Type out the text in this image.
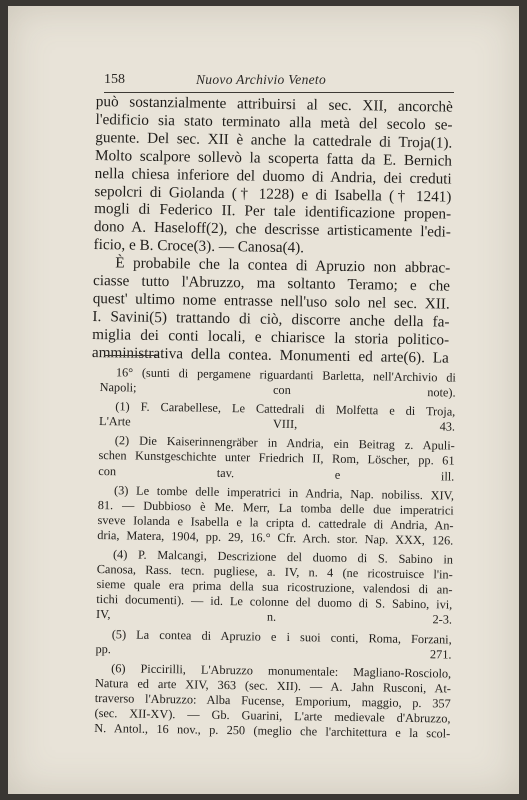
158	Nuovo Archivio Veneto
può sostanzialmente attribuirsi al sec. XII, ancorchè
l'edificio sia stato terminato alla metà del secolo se-
guente. Del sec. XII è anche la cattedrale di Troja(1).
Molto scalpore sollevò la scoperta fatta da E. Bernich
nella chiesa inferiore del duomo di Andria, dei creduti
sepolcri di Giolanda († 1228) e di Isabella († 1241)
mogli di Federico II. Per tale identificazione propen-
dono A. Haseloff(2), che descrisse artisticamente l'edi-
ficio, e B. Croce(3). — Canosa(4).
È probabile che la contea di Apruzio non abbrac-
ciasse tutto l'Abruzzo, ma soltanto Teramo; e che
quest' ultimo nome entrasse nell'uso solo nel sec. XII.
I. Savini(5) trattando di ciò, discorre anche della fa-
miglia dei conti locali, e chiarisce la storia politico-
amministrativa della contea. Monumenti ed arte(6). La
16° (sunti di pergamene riguardanti Barletta, nell'Archivio di
Napoli; con note).
(1) F. Carabellese, Le Cattedrali di Molfetta e di Troja,
L'Arte VIII, 43.
(2) Die Kaiserinnengräber in Andria, ein Beitrag z. Apuli-
schen Kunstgeschichte unter Friedrich II, Rom, Löscher, pp. 61
con tav. e ill.
(3) Le tombe delle imperatrici in Andria, Nap. nobiliss. XIV,
81. — Dubbioso è Me. Merr, La tomba delle due imperatrici
sveve Iolanda e Isabella e la cripta d. cattedrale di Andria, An-
dria, Matera, 1904, pp. 29, 16.° Cfr. Arch. stor. Nap. XXX, 126.
(4) P. Malcangi, Descrizione del duomo di S. Sabino in
Canosa, Rass. tecn. pugliese, a. IV, n. 4 (ne ricostruisce l'in-
sieme quale era prima della sua ricostruzione, valendosi di an-
tichi documenti). — id. Le colonne del duomo di S. Sabino, ivi,
IV, n. 2-3.
(5) La contea di Apruzio e i suoi conti, Roma, Forzani,
pp. 271.
(6) Piccirilli, L'Abruzzo monumentale: Magliano-Rosciolo,
Natura ed arte XIV, 363 (sec. XII). — A. Jahn Rusconi, At-
traverso l'Abruzzo: Alba Fucense, Emporium, maggio, p. 357
(sec. XII-XV). — Gb. Guarini, L'arte medievale d'Abruzzo,
N. Antol., 16 nov., p. 250 (meglio che l'architettura e la scol-
